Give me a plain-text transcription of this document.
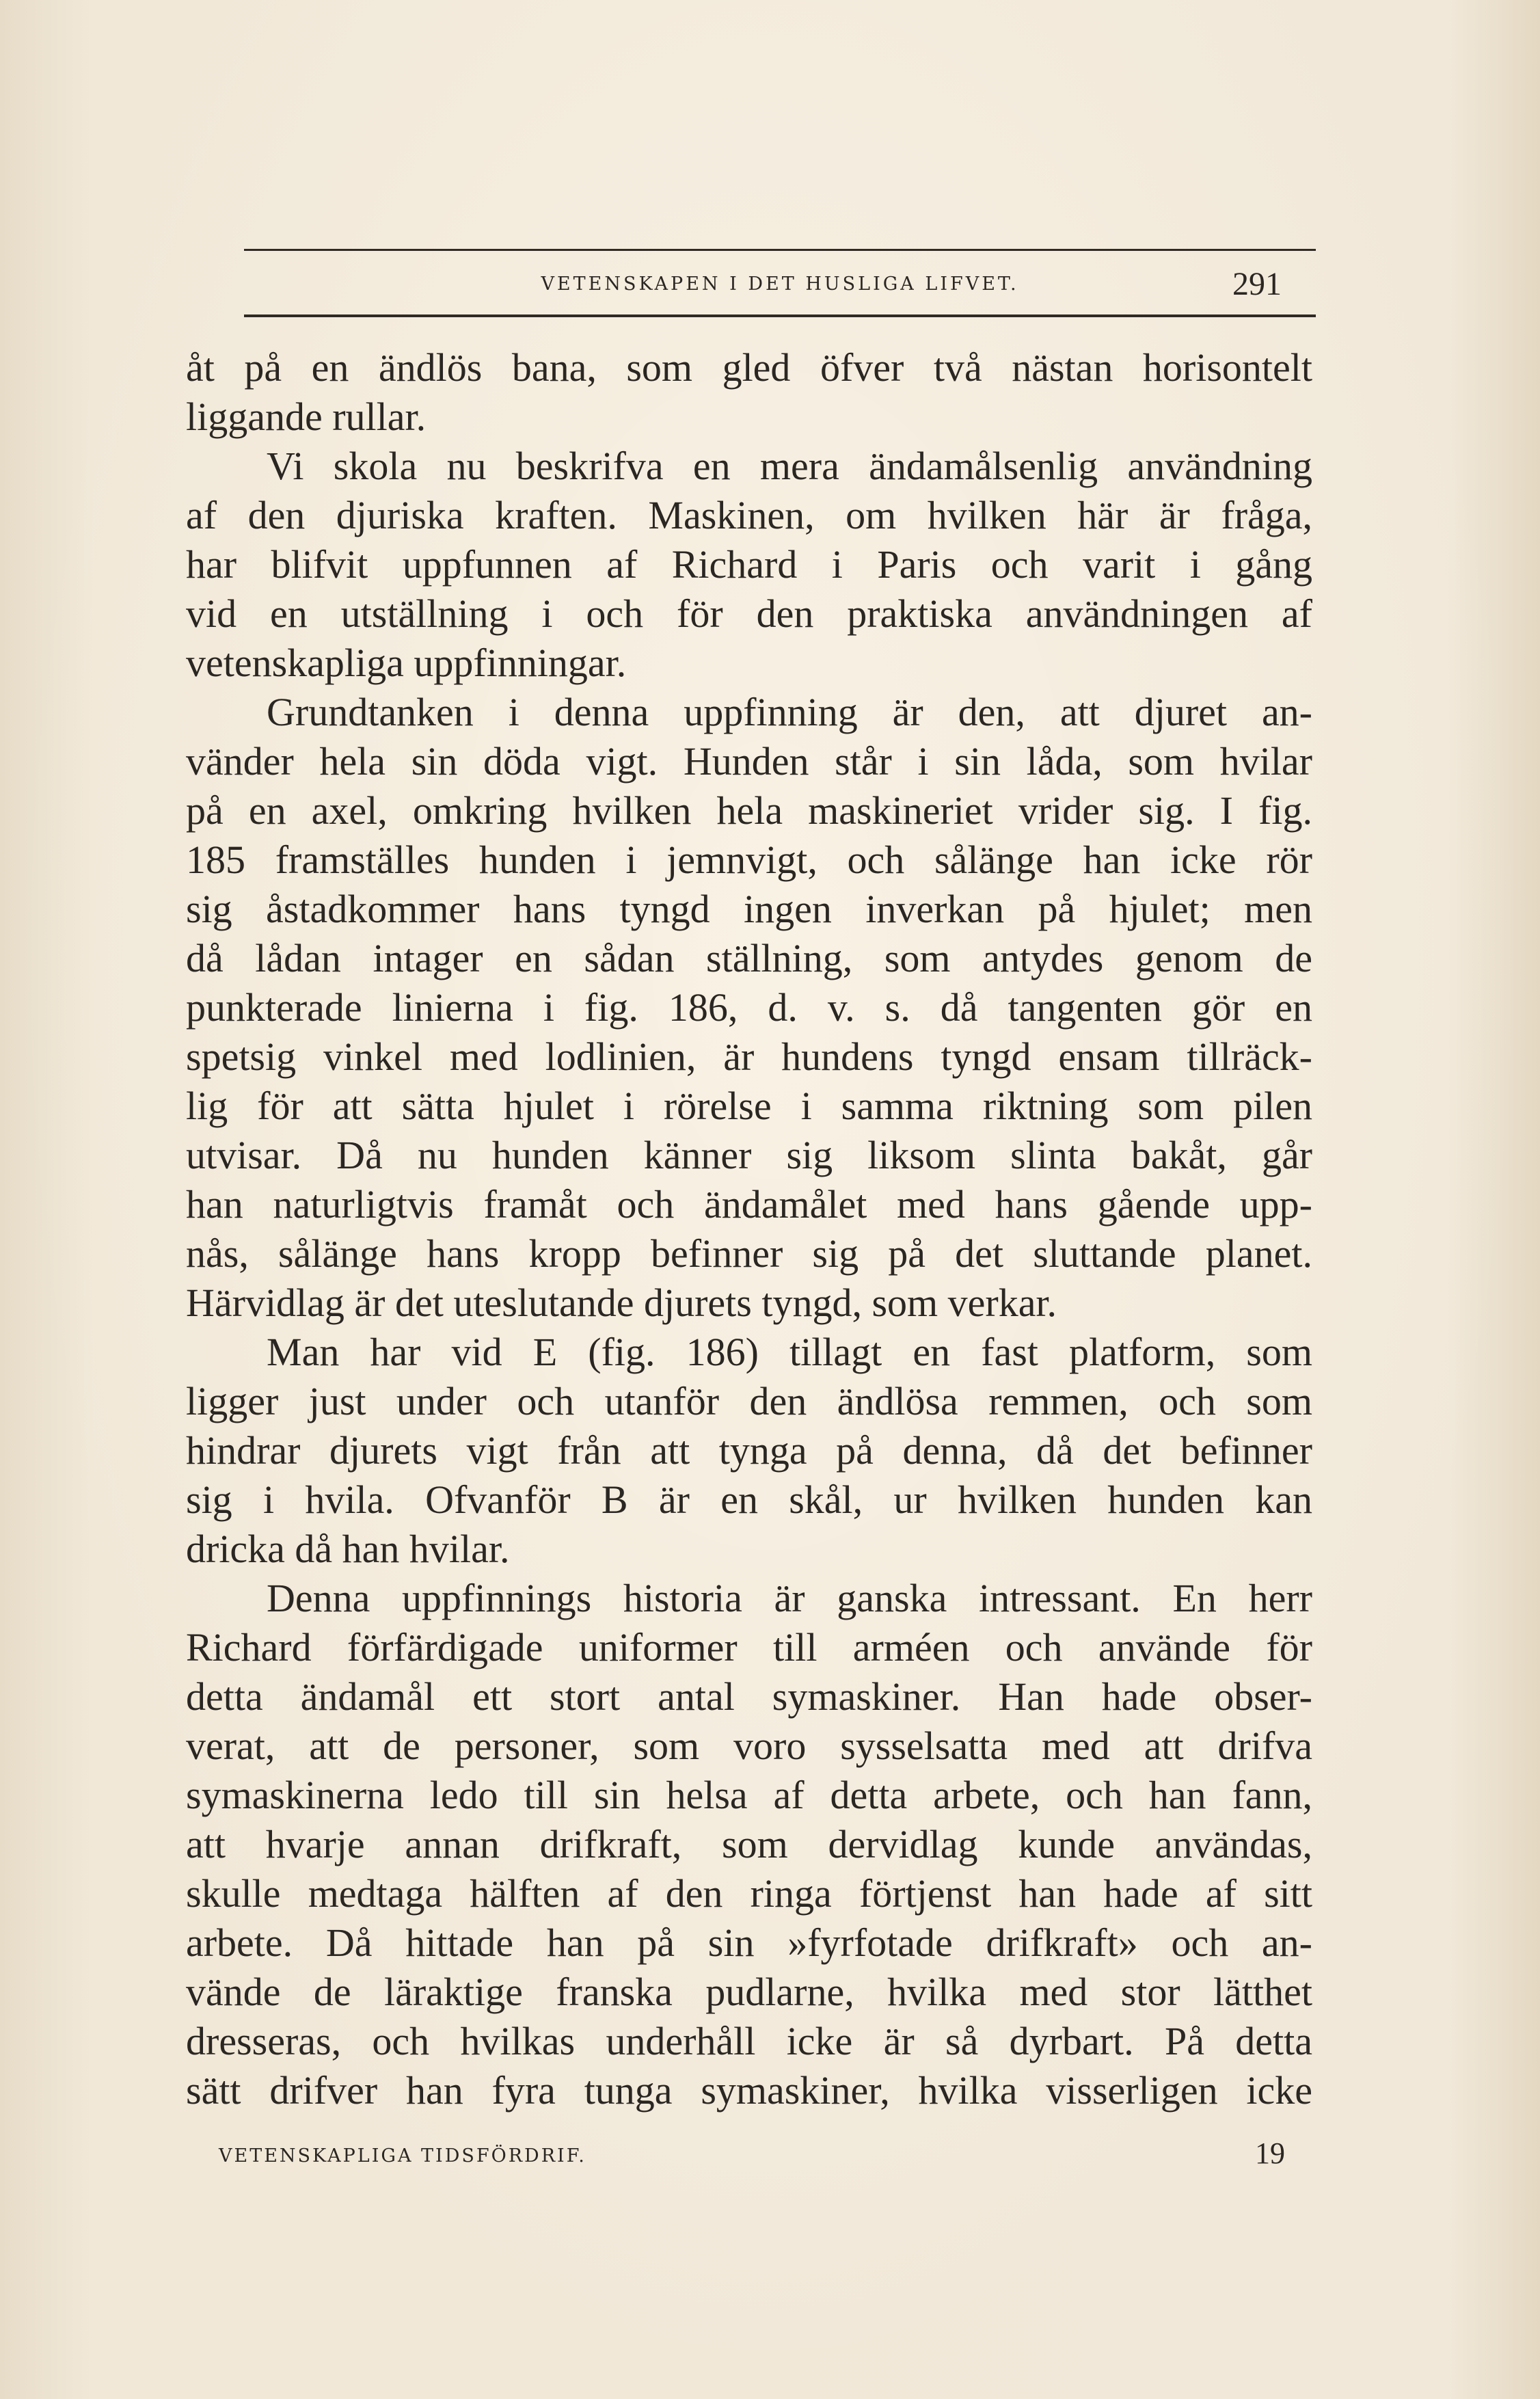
VETENSKAPEN I DET HUSLIGA LIFVET.	291
åt på en ändlös bana, som gled öfver två nästan horisontelt
liggande rullar.
Vi skola nu beskrifva en mera ändamålsenlig användning
af den djuriska kraften. Maskinen, om hvilken här är fråga,
har blifvit uppfunnen af Richard i Paris och varit i gång
vid en utställning i och för den praktiska användningen af
vetenskapliga uppfinningar.
Grundtanken i denna uppfinning är den, att djuret an-
vänder hela sin döda vigt. Hunden står i sin låda, som hvilar
på en axel, omkring hvilken hela maskineriet vrider sig. I fig.
185 framställes hunden i jemnvigt, och sålänge han icke rör
sig åstadkommer hans tyngd ingen inverkan på hjulet; men
då lådan intager en sådan ställning, som antydes genom de
punkterade linierna i fig. 186, d. v. s. då tangenten gör en
spetsig vinkel med lodlinien, är hundens tyngd ensam tillräck-
lig för att sätta hjulet i rörelse i samma riktning som pilen
utvisar. Då nu hunden känner sig liksom slinta bakåt, går
han naturligtvis framåt och ändamålet med hans gående upp-
nås, sålänge hans kropp befinner sig på det sluttande planet.
Härvidlag är det uteslutande djurets tyngd, som verkar.
Man har vid E (fig. 186) tillagt en fast platform, som
ligger just under och utanför den ändlösa remmen, och som
hindrar djurets vigt från att tynga på denna, då det befinner
sig i hvila. Ofvanför B är en skål, ur hvilken hunden kan
dricka då han hvilar.
Denna uppfinnings historia är ganska intressant. En herr
Richard förfärdigade uniformer till arméen och använde för
detta ändamål ett stort antal symaskiner. Han hade obser-
verat, att de personer, som voro sysselsatta med att drifva
symaskinerna ledo till sin helsa af detta arbete, och han fann,
att hvarje annan drifkraft, som dervidlag kunde användas,
skulle medtaga hälften af den ringa förtjenst han hade af sitt
arbete. Då hittade han på sin »fyrfotade drifkraft» och an-
vände de läraktige franska pudlarne, hvilka med stor lätthet
dresseras, och hvilkas underhåll icke är så dyrbart. På detta
sätt drifver han fyra tunga symaskiner, hvilka visserligen icke
VETENSKAPLIGA TIDSFÖRDRIF.	19
